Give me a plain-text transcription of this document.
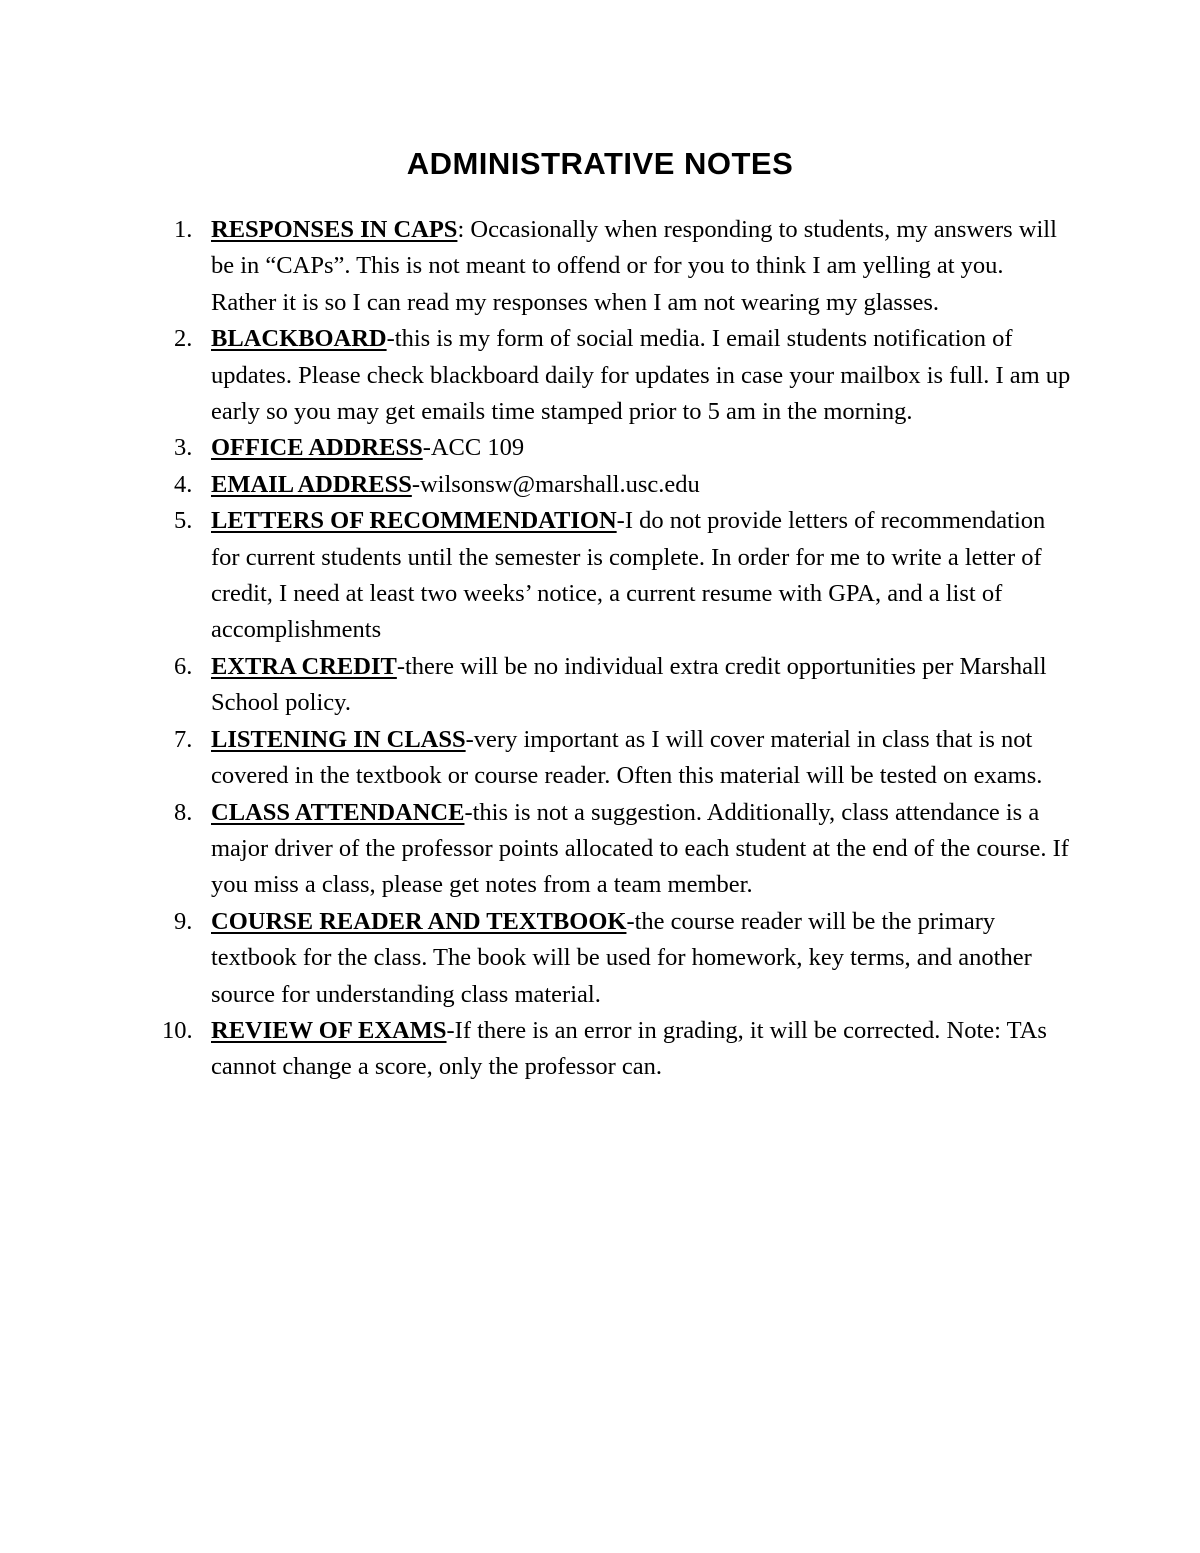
ADMINISTRATIVE NOTES
1. RESPONSES IN CAPS: Occasionally when responding to students, my answers will be in “CAPs”. This is not meant to offend or for you to think I am yelling at you. Rather it is so I can read my responses when I am not wearing my glasses.
2. BLACKBOARD-this is my form of social media. I email students notification of updates. Please check blackboard daily for updates in case your mailbox is full. I am up early so you may get emails time stamped prior to 5 am in the morning.
3. OFFICE ADDRESS-ACC 109
4. EMAIL ADDRESS-wilsonsw@marshall.usc.edu
5. LETTERS OF RECOMMENDATION-I do not provide letters of recommendation for current students until the semester is complete. In order for me to write a letter of credit, I need at least two weeks’ notice, a current resume with GPA, and a list of accomplishments
6. EXTRA CREDIT-there will be no individual extra credit opportunities per Marshall School policy.
7. LISTENING IN CLASS-very important as I will cover material in class that is not covered in the textbook or course reader. Often this material will be tested on exams.
8. CLASS ATTENDANCE-this is not a suggestion. Additionally, class attendance is a major driver of the professor points allocated to each student at the end of the course. If you miss a class, please get notes from a team member.
9. COURSE READER AND TEXTBOOK-the course reader will be the primary textbook for the class. The book will be used for homework, key terms, and another source for understanding class material.
10. REVIEW OF EXAMS-If there is an error in grading, it will be corrected. Note: TAs cannot change a score, only the professor can.
